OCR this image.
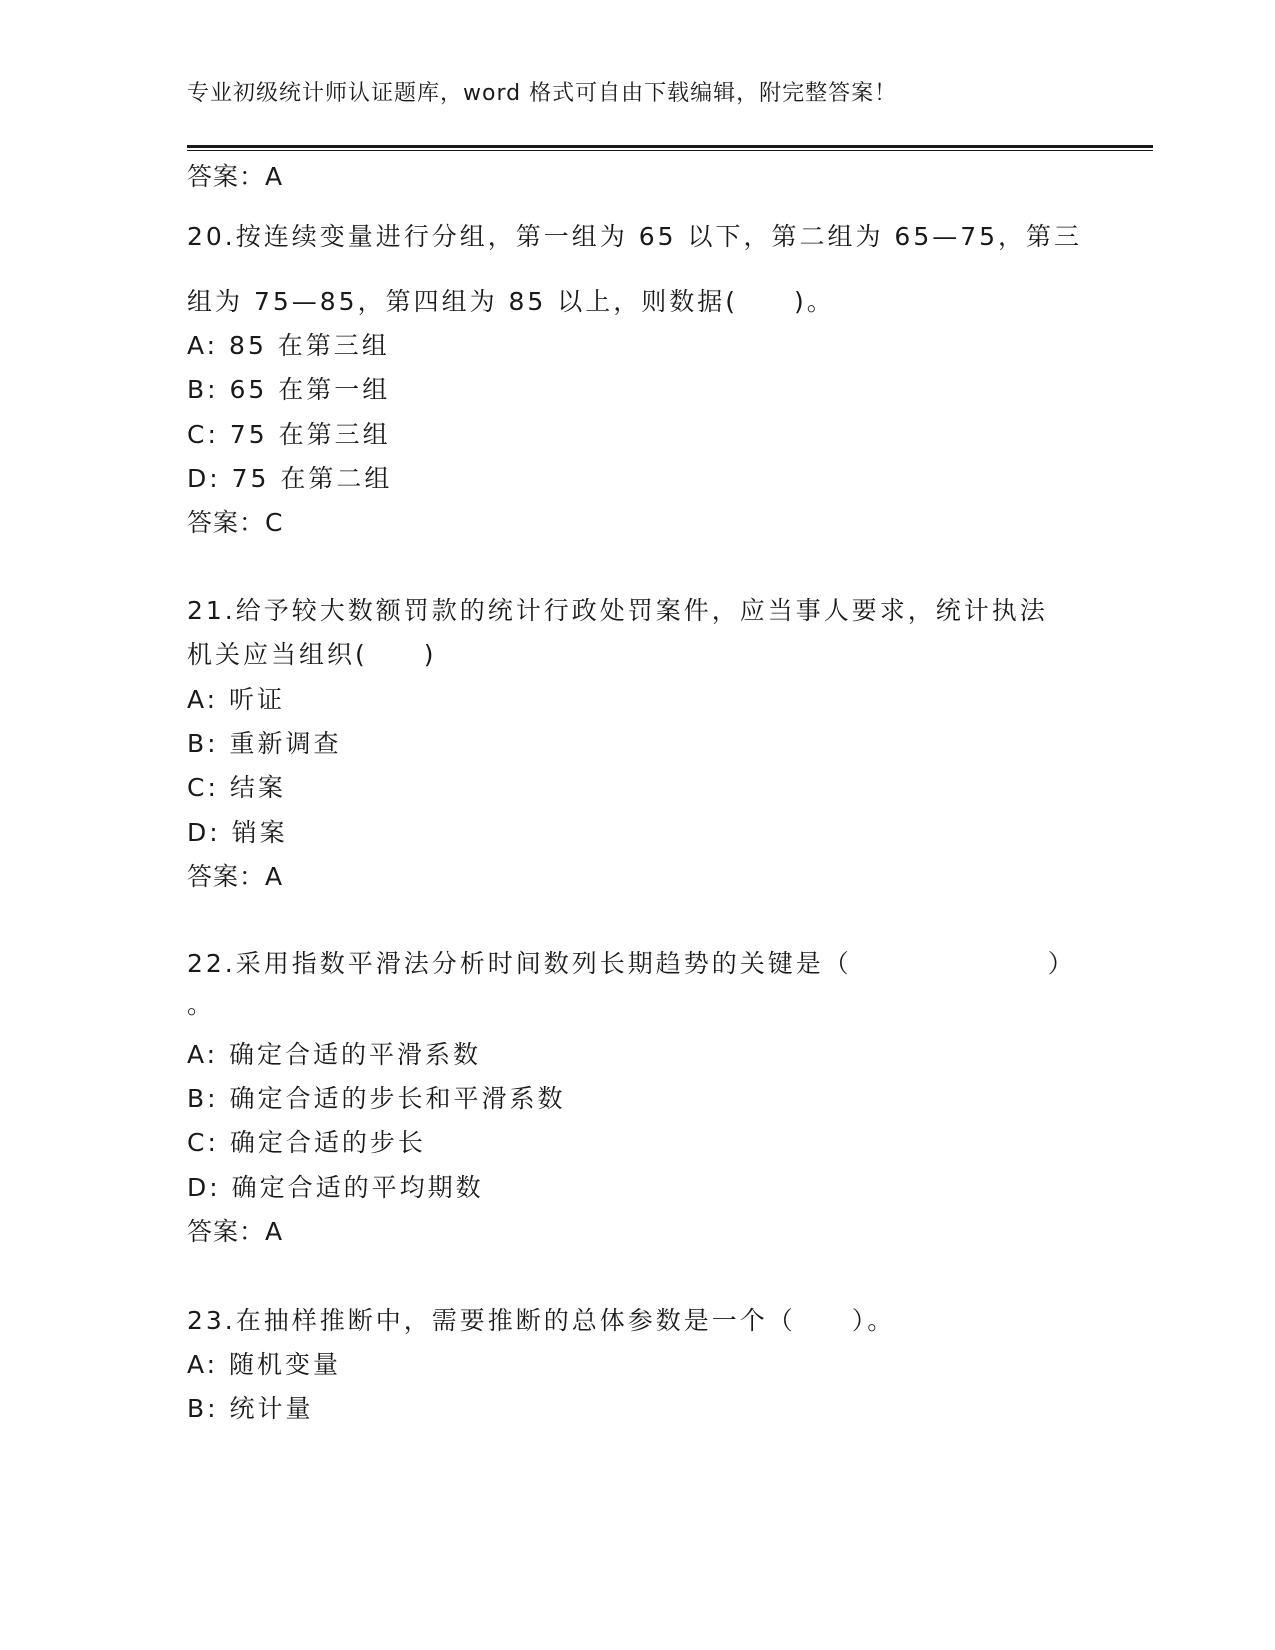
专业初级统计师认证题库，word 格式可自由下载编辑，附完整答案！
答案：A
20.按连续变量进行分组，第一组为 65 以下，第二组为 65—75，第三
组为 75—85，第四组为 85 以上，则数据(　　)。
A: 85 在第三组
B: 65 在第一组
C: 75 在第三组
D: 75 在第二组
答案：C
21.给予较大数额罚款的统计行政处罚案件，应当事人要求，统计执法
机关应当组织(　　)
A: 听证
B: 重新调查
C: 结案
D: 销案
答案：A
22.采用指数平滑法分析时间数列长期趋势的关键是（　　　　　　　）
。
A: 确定合适的平滑系数
B: 确定合适的步长和平滑系数
C: 确定合适的步长
D: 确定合适的平均期数
答案：A
23.在抽样推断中，需要推断的总体参数是一个（　　）。
A: 随机变量
B: 统计量
